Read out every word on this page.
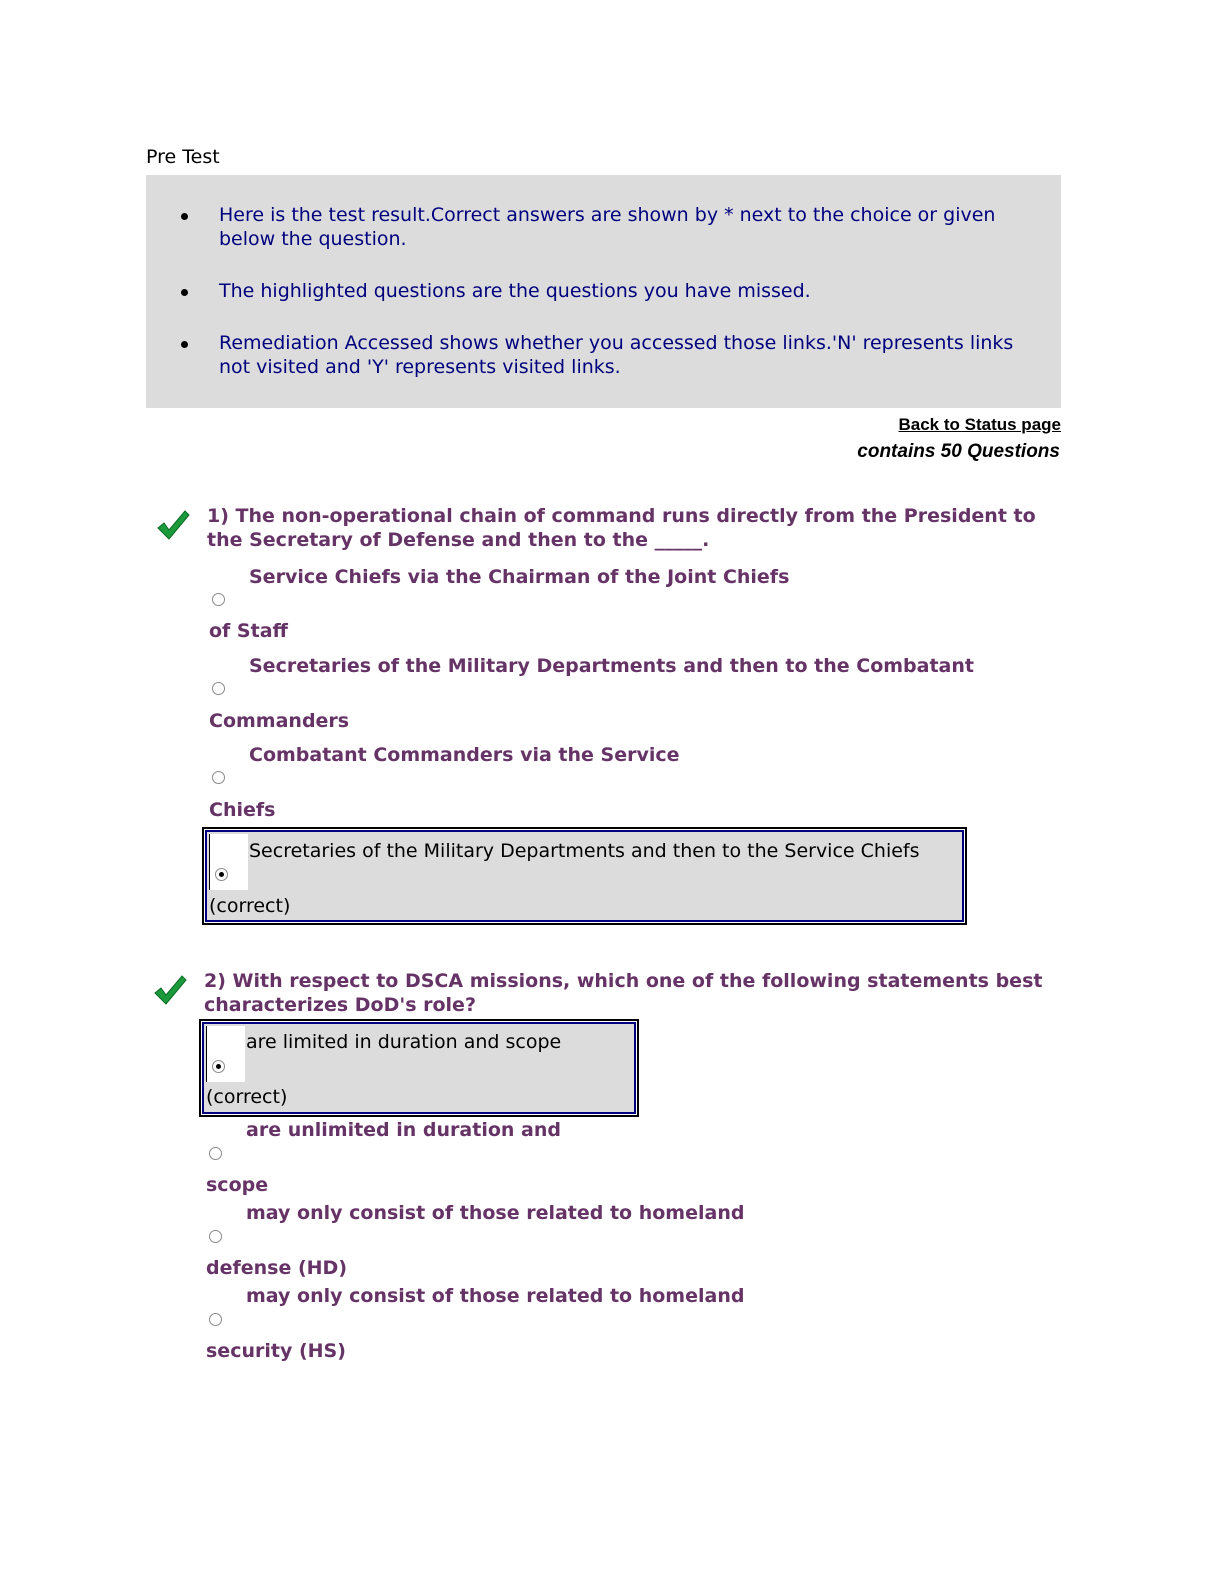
Pre Test
Here is the test result.Correct answers are shown by * next to the choice or given below the question.
The highlighted questions are the questions you have missed.
Remediation Accessed shows whether you accessed those links.'N' represents links not visited and 'Y' represents visited links.
Back to Status page
contains 50 Questions
1) The non-operational chain of command runs directly from the President to the Secretary of Defense and then to the _____.
Service Chiefs via the Chairman of the Joint Chiefs
of Staff
Secretaries of the Military Departments and then to the Combatant
Commanders
Combatant Commanders via the Service
Chiefs
Secretaries of the Military Departments and then to the Service Chiefs
(correct)
2) With respect to DSCA missions, which one of the following statements best characterizes DoD's role?
are limited in duration and scope
(correct)
are unlimited in duration and
scope
may only consist of those related to homeland
defense (HD)
may only consist of those related to homeland
security (HS)
